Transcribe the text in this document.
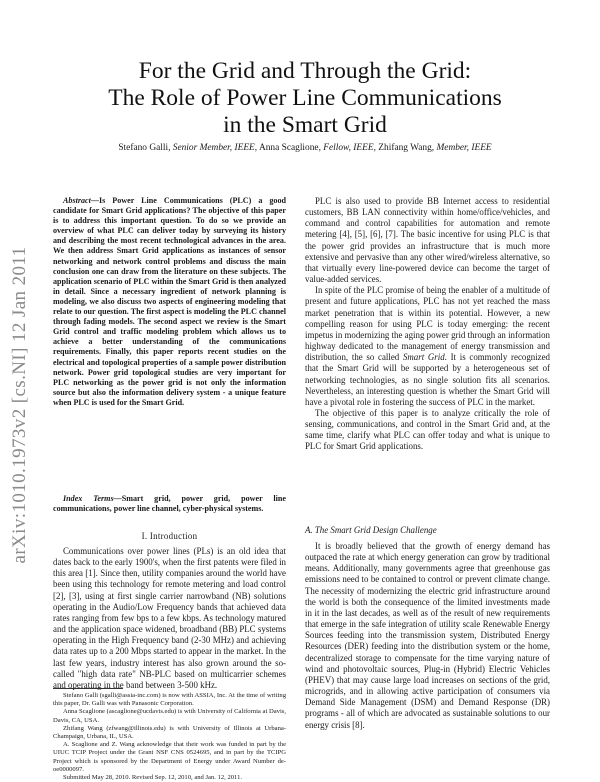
arXiv:1010.1973v2 [cs.NI] 12 Jan 2011
For the Grid and Through the Grid:
The Role of Power Line Communications
in the Smart Grid
Stefano Galli, Senior Member, IEEE, Anna Scaglione, Fellow, IEEE, Zhifang Wang, Member, IEEE

Abstract—Is Power Line Communications (PLC) a good candidate for Smart Grid applications? The objective of this paper is to address this important question. To do so we provide an overview of what PLC can deliver today by surveying its history and describing the most recent technological advances in the area. We then address Smart Grid applications as instances of sensor networking and network control problems and discuss the main conclusion one can draw from the literature on these subjects. The application scenario of PLC within the Smart Grid is then analyzed in detail. Since a necessary ingredient of network planning is modeling, we also discuss two aspects of engineering modeling that relate to our question. The first aspect is modeling the PLC channel through fading models. The second aspect we review is the Smart Grid control and traffic modeling problem which allows us to achieve a better understanding of the communications requirements. Finally, this paper reports recent studies on the electrical and topological properties of a sample power distribution network. Power grid topological studies are very important for PLC networking as the power grid is not only the information source but also the information delivery system - a unique feature when PLC is used for the Smart Grid.

Index Terms—Smart grid, power grid, power line communications, power line channel, cyber-physical systems.

I. Introduction

Communications over power lines (PLs) is an old idea that dates back to the early 1900's, when the first patents were filed in this area [1]. Since then, utility companies around the world have been using this technology for remote metering and load control [2], [3], using at first single carrier narrowband (NB) solutions operating in the Audio/Low Frequency bands that achieved data rates ranging from few bps to a few kbps. As technology matured and the application space widened, broadband (BB) PLC systems operating in the High Frequency band (2-30 MHz) and achieving data rates up to a 200 Mbps started to appear in the market. In the last few years, industry interest has also grown around the so-called "high data rate" NB-PLC based on multicarrier schemes and operating in the band between 3-500 kHz.

Stefano Galli (sgalli@assia-inc.com) is now with ASSIA, Inc. At the time of writing this paper, Dr. Galli was with Panasonic Corporation.

Anna Scaglione (ascaglione@ucdavis.edu) is with University of California at Davis, Davis, CA, USA.

Zhifang Wang (zfwang@illinois.edu) is with University of Illinois at Urbana-Champaign, Urbana, IL, USA.

A. Scaglione and Z. Wang acknowledge that their work was funded in part by the UIUC TCIP Project under the Grant NSF CNS 0524695, and in part by the TCIPG Project which is sponsored by the Department of Energy under Award Number de-oe0000097.

Submitted May 28, 2010. Revised Sep. 12, 2010, and Jan. 12, 2011.

PLC is also used to provide BB Internet access to residential customers, BB LAN connectivity within home/office/vehicles, and command and control capabilities for automation and remote metering [4], [5], [6], [7]. The basic incentive for using PLC is that the power grid provides an infrastructure that is much more extensive and pervasive than any other wired/wireless alternative, so that virtually every line-powered device can become the target of value-added services.

In spite of the PLC promise of being the enabler of a multitude of present and future applications, PLC has not yet reached the mass market penetration that is within its potential. However, a new compelling reason for using PLC is today emerging: the recent impetus in modernizing the aging power grid through an information highway dedicated to the management of energy transmission and distribution, the so called Smart Grid. It is commonly recognized that the Smart Grid will be supported by a heterogeneous set of networking technologies, as no single solution fits all scenarios. Nevertheless, an interesting question is whether the Smart Grid will have a pivotal role in fostering the success of PLC in the market.

The objective of this paper is to analyze critically the role of sensing, communications, and control in the Smart Grid and, at the same time, clarify what PLC can offer today and what is unique to PLC for Smart Grid applications.

A. The Smart Grid Design Challenge

It is broadly believed that the growth of energy demand has outpaced the rate at which energy generation can grow by traditional means. Additionally, many governments agree that greenhouse gas emissions need to be contained to control or prevent climate change. The necessity of modernizing the electric grid infrastructure around the world is both the consequence of the limited investments made in it in the last decades, as well as of the result of new requirements that emerge in the safe integration of utility scale Renewable Energy Sources feeding into the transmission system, Distributed Energy Resources (DER) feeding into the distribution system or the home, decentralized storage to compensate for the time varying nature of wind and photovoltaic sources, Plug-in (Hybrid) Electric Vehicles (PHEV) that may cause large load increases on sections of the grid, microgrids, and in allowing active participation of consumers via Demand Side Management (DSM) and Demand Response (DR) programs - all of which are advocated as sustainable solutions to our energy crisis [8].
